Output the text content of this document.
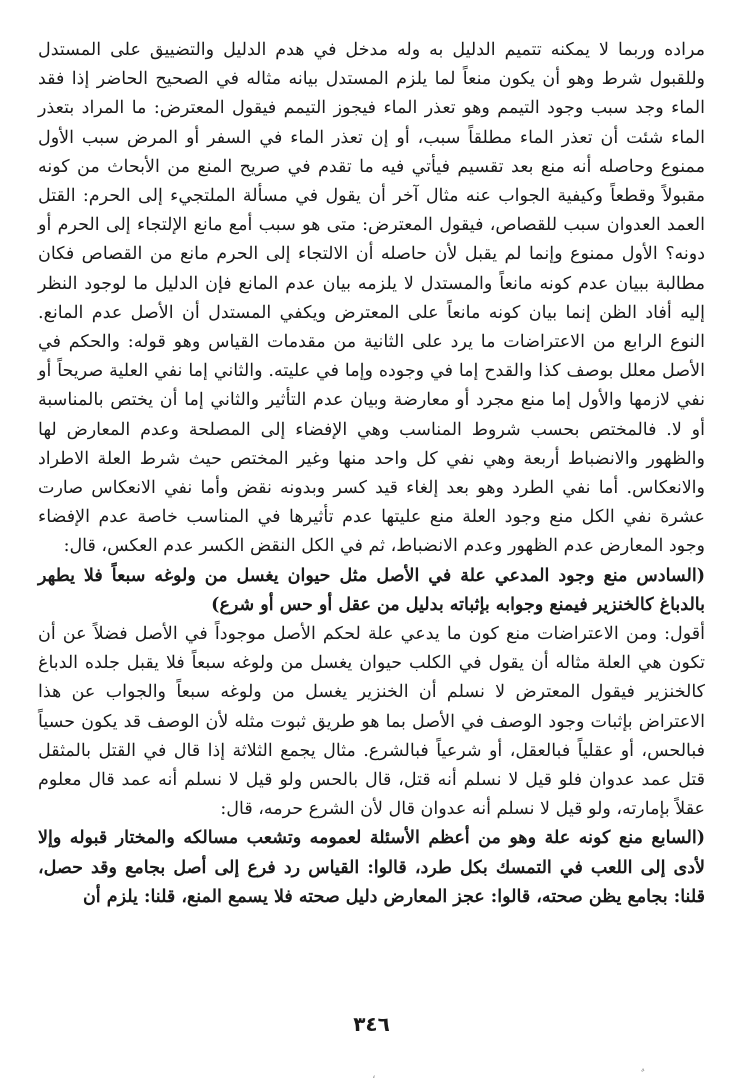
مراده وربما لا يمكنه تتميم الدليل به وله مدخل في هدم الدليل والتضييق على المستدل وللقبول شرط وهو أن يكون منعاً لما يلزم المستدل بيانه مثاله في الصحيح الحاضر إذا فقد الماء وجد سبب وجود التيمم وهو تعذر الماء فيجوز التيمم فيقول المعترض: ما المراد بتعذر الماء شئت أن تعذر الماء مطلقاً سبب، أو إن تعذر الماء في السفر أو المرض سبب الأول ممنوع وحاصله أنه منع بعد تقسيم فيأتي فيه ما تقدم في صريح المنع من الأبحاث من كونه مقبولاً وقطعاً وكيفية الجواب عنه مثال آخر أن يقول في مسألة الملتجيء إلى الحرم: القتل العمد العدوان سبب للقصاص، فيقول المعترض: متى هو سبب أمع مانع الإلتجاء إلى الحرم أو دونه؟ الأول ممنوع وإنما لم يقبل لأن حاصله أن الالتجاء إلى الحرم مانع من القصاص فكان مطالبة ببيان عدم كونه مانعاً والمستدل لا يلزمه بيان عدم المانع فإن الدليل ما لوجود النظر إليه أفاد الظن إنما بيان كونه مانعاً على المعترض ويكفي المستدل أن الأصل عدم المانع. النوع الرابع من الاعتراضات ما يرد على الثانية من مقدمات القياس وهو قوله: والحكم في الأصل معلل بوصف كذا والقدح إما في وجوده وإما في عليته. والثاني إما نفي العلية صريحاً أو نفي لازمها والأول إما منع مجرد أو معارضة وبيان عدم التأثير والثاني إما أن يختص بالمناسبة أو لا. فالمختص بحسب شروط المناسب وهي الإفضاء إلى المصلحة وعدم المعارض لها والظهور والانضباط أربعة وهي نفي كل واحد منها وغير المختص حيث شرط العلة الاطراد والانعكاس. أما نفي الطرد وهو بعد إلغاء قيد كسر وبدونه نقض وأما نفي الانعكاس صارت عشرة نفي الكل منع وجود العلة منع عليتها عدم تأثيرها في المناسب خاصة عدم الإفضاء وجود المعارض عدم الظهور وعدم الانضباط، ثم في الكل النقض الكسر عدم العكس، قال:

(السادس منع وجود المدعي علة في الأصل مثل حيوان يغسل من ولوغه سبعاً فلا يطهر بالدباغ كالخنزير فيمنع وجوابه بإثباته بدليل من عقل أو حس أو شرع)

أقول: ومن الاعتراضات منع كون ما يدعي علة لحكم الأصل موجوداً في الأصل فضلاً عن أن تكون هي العلة مثاله أن يقول في الكلب حيوان يغسل من ولوغه سبعاً فلا يقبل جلده الدباغ كالخنزير فيقول المعترض لا نسلم أن الخنزير يغسل من ولوغه سبعاً والجواب عن هذا الاعتراض بإثبات وجود الوصف في الأصل بما هو طريق ثبوت مثله لأن الوصف قد يكون حسياً فبالحس، أو عقلياً فبالعقل، أو شرعياً فبالشرع. مثال يجمع الثلاثة إذا قال في القتل بالمثقل قتل عمد عدوان فلو قيل لا نسلم أنه قتل، قال بالحس ولو قيل لا نسلم أنه عمد قال معلوم عقلاً بإمارته، ولو قيل لا نسلم أنه عدوان قال لأن الشرع حرمه، قال:

(السابع منع كونه علة وهو من أعظم الأسئلة لعمومه وتشعب مسالكه والمختار قبوله وإلا لأدى إلى اللعب في التمسك بكل طرد، قالوا: القياس رد فرع إلى أصل بجامع وقد حصل، قلنا: بجامع يظن صحته، قالوا: عجز المعارض دليل صحته فلا يسمع المنع، قلنا: يلزم أن

٣٤٦
،
